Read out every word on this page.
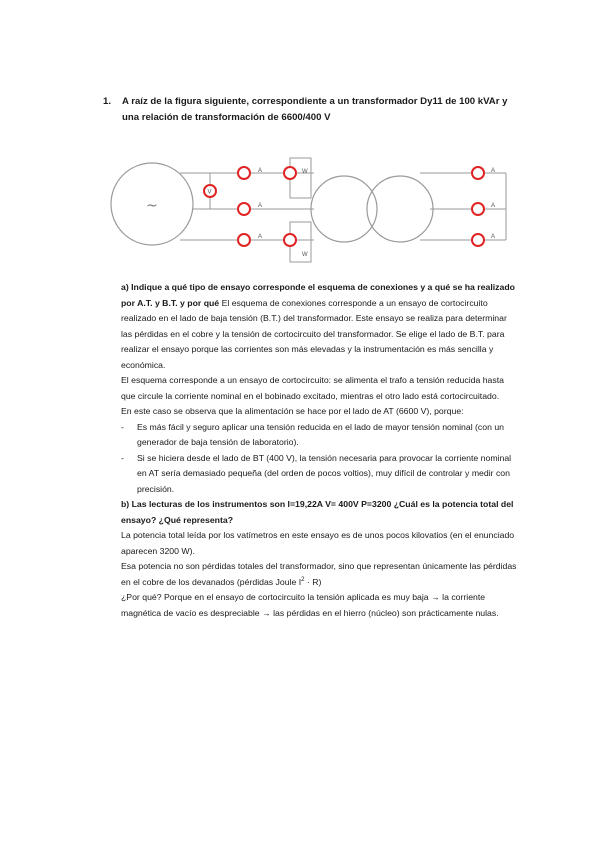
1.	A raíz de la figura siguiente, correspondiente a un transformador Dy11 de 100 kVAr y una relación de transformación de 6600/400 V
~
W
W
V
A
A
A
A
A
A

a) Indique a qué tipo de ensayo corresponde el esquema de conexiones y a qué se ha realizado por A.T. y B.T. y por qué El esquema de conexiones corresponde a un ensayo de cortocircuito realizado en el lado de baja tensión (B.T.) del transformador. Este ensayo se realiza para determinar las pérdidas en el cobre y la tensión de cortocircuito del transformador. Se elige el lado de B.T. para realizar el ensayo porque las corrientes son más elevadas y la instrumentación es más sencilla y económica.

El esquema corresponde a un ensayo de cortocircuito: se alimenta el trafo a tensión reducida hasta que circule la corriente nominal en el bobinado excitado, mientras el otro lado está cortocircuitado.

En este caso se observa que la alimentación se hace por el lado de AT (6600 V), porque:

- Es más fácil y seguro aplicar una tensión reducida en el lado de mayor tensión nominal (con un generador de baja tensión de laboratorio).

- Si se hiciera desde el lado de BT (400 V), la tensión necesaria para provocar la corriente nominal en AT sería demasiado pequeña (del orden de pocos voltios), muy difícil de controlar y medir con precisión.

b) Las lecturas de los instrumentos son I=19,22A V= 400V P=3200 ¿Cuál es la potencia total del ensayo? ¿Qué representa?

La potencia total leída por los vatímetros en este ensayo es de unos pocos kilovatios (en el enunciado aparecen 3200 W).

Esa potencia no son pérdidas totales del transformador, sino que representan únicamente las pérdidas en el cobre de los devanados (pérdidas Joule $I^2 \cdot R$)

¿Por qué? Porque en el ensayo de cortocircuito la tensión aplicada es muy baja → la corriente magnética de vacío es despreciable → las pérdidas en el hierro (núcleo) son prácticamente nulas.
